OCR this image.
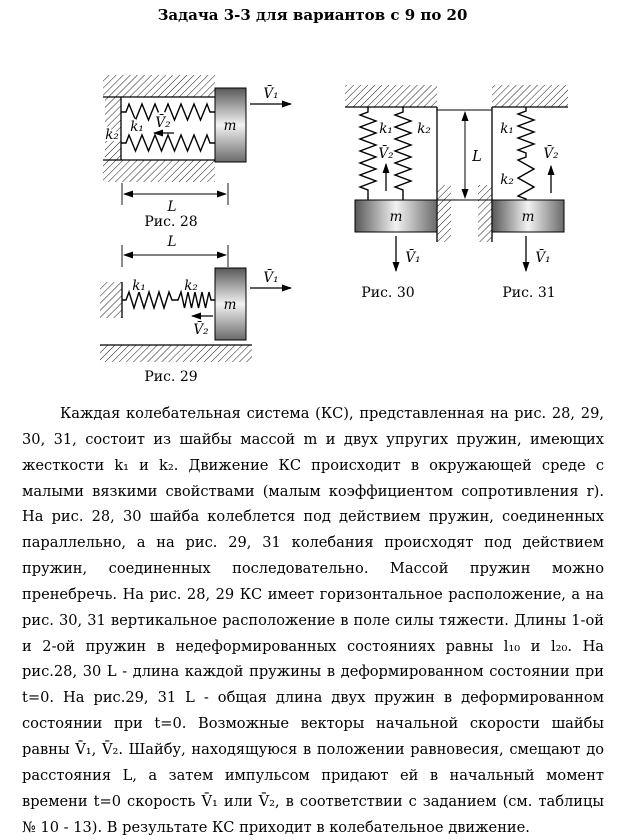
Задача 3-3 для вариантов с 9 по 20
m
k₁
k₂
V̄₂
V̄₁
L
Рис. 28
L
k₁	k₂
m
V̄₁
V̄₂
Рис. 29
k₁ k₂
V̄₂
m
V̄₁
Рис. 30
L
k₁
k₂
V̄₂
m
V̄₁
Рис. 31
Каждая колебательная система (КС), представленная на рис. 28, 29, 30, 31, состоит из шайбы массой m и двух упругих пружин, имеющих жесткости k₁ и k₂. Движение КС происходит в окружающей среде с малыми вязкими свойствами (малым коэффициентом сопротивления r). На рис. 28, 30 шайба колеблется под действием пружин, соединенных параллельно, а на рис. 29, 31 колебания происходят под действием пружин, соединенных последовательно. Массой пружин можно пренебречь. На рис. 28, 29 КС имеет горизонтальное расположение, а на рис. 30, 31 вертикальное расположение в поле силы тяжести. Длины 1-ой и 2-ой пружин в недеформированных состояниях равны l₁₀ и l₂₀. На рис.28, 30 L - длина каждой пружины в деформированном состоянии при t=0. На рис.29, 31 L - общая длина двух пружин в деформированном состоянии при t=0. Возможные векторы начальной скорости шайбы равны V̄₁, V̄₂. Шайбу, находящуюся в положении равновесия, смещают до расстояния L, а затем импульсом придают ей в начальный момент времени t=0 скорость V̄₁ или V̄₂, в соответствии с заданием (см. таблицы № 10 - 13). В результате КС приходит в колебательное движение.
